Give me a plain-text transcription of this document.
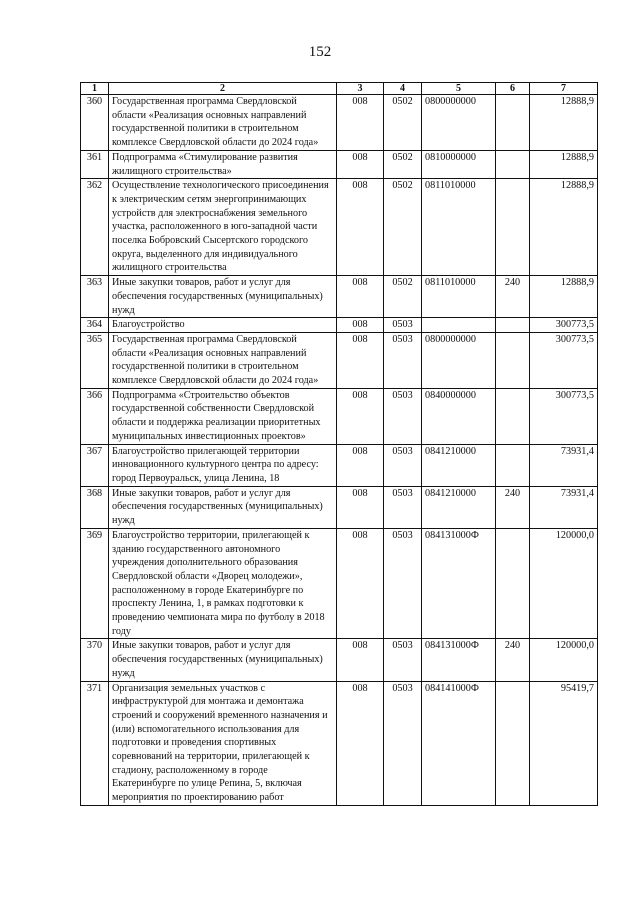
152
1	2	3	4	5	6	7
360	Государственная программа Свердловской области «Реализация основных направлений государственной политики в строительном комплексе Свердловской области до 2024 года»	008	0502	0800000000		12888,9
361	Подпрограмма «Стимулирование развития жилищного строительства»	008	0502	0810000000		12888,9
362	Осуществление технологического присоединения к электрическим сетям энергопринимающих устройств для электроснабжения земельного участка, расположенного в юго-западной части поселка Бобровский Сысертского городского округа, выделенного для индивидуального жилищного строительства	008	0502	0811010000		12888,9
363	Иные закупки товаров, работ и услуг для обеспечения государственных (муниципальных) нужд	008	0502	0811010000	240	12888,9
364	Благоустройство	008	0503			300773,5
365	Государственная программа Свердловской области «Реализация основных направлений государственной политики в строительном комплексе Свердловской области до 2024 года»	008	0503	0800000000		300773,5
366	Подпрограмма «Строительство объектов государственной собственности Свердловской области и поддержка реализации приоритетных муниципальных инвестиционных проектов»	008	0503	0840000000		300773,5
367	Благоустройство прилегающей территории инновационного культурного центра по адресу: город Первоуральск, улица Ленина, 18	008	0503	0841210000		73931,4
368	Иные закупки товаров, работ и услуг для обеспечения государственных (муниципальных) нужд	008	0503	0841210000	240	73931,4
369	Благоустройство территории, прилегающей к зданию государственного автономного учреждения дополнительного образования Свердловской области «Дворец молодежи», расположенному в городе Екатеринбурге по проспекту Ленина, 1, в рамках подготовки к проведению чемпионата мира по футболу в 2018 году	008	0503	084131000Ф		120000,0
370	Иные закупки товаров, работ и услуг для обеспечения государственных (муниципальных) нужд	008	0503	084131000Ф	240	120000,0
371	Организация земельных участков с инфраструктурой для монтажа и демонтажа строений и сооружений временного назначения и (или) вспомогательного использования для подготовки и проведения спортивных соревнований на территории, прилегающей к стадиону, расположенному в городе Екатеринбурге по улице Репина, 5, включая мероприятия по проектированию работ	008	0503	084141000Ф		95419,7
